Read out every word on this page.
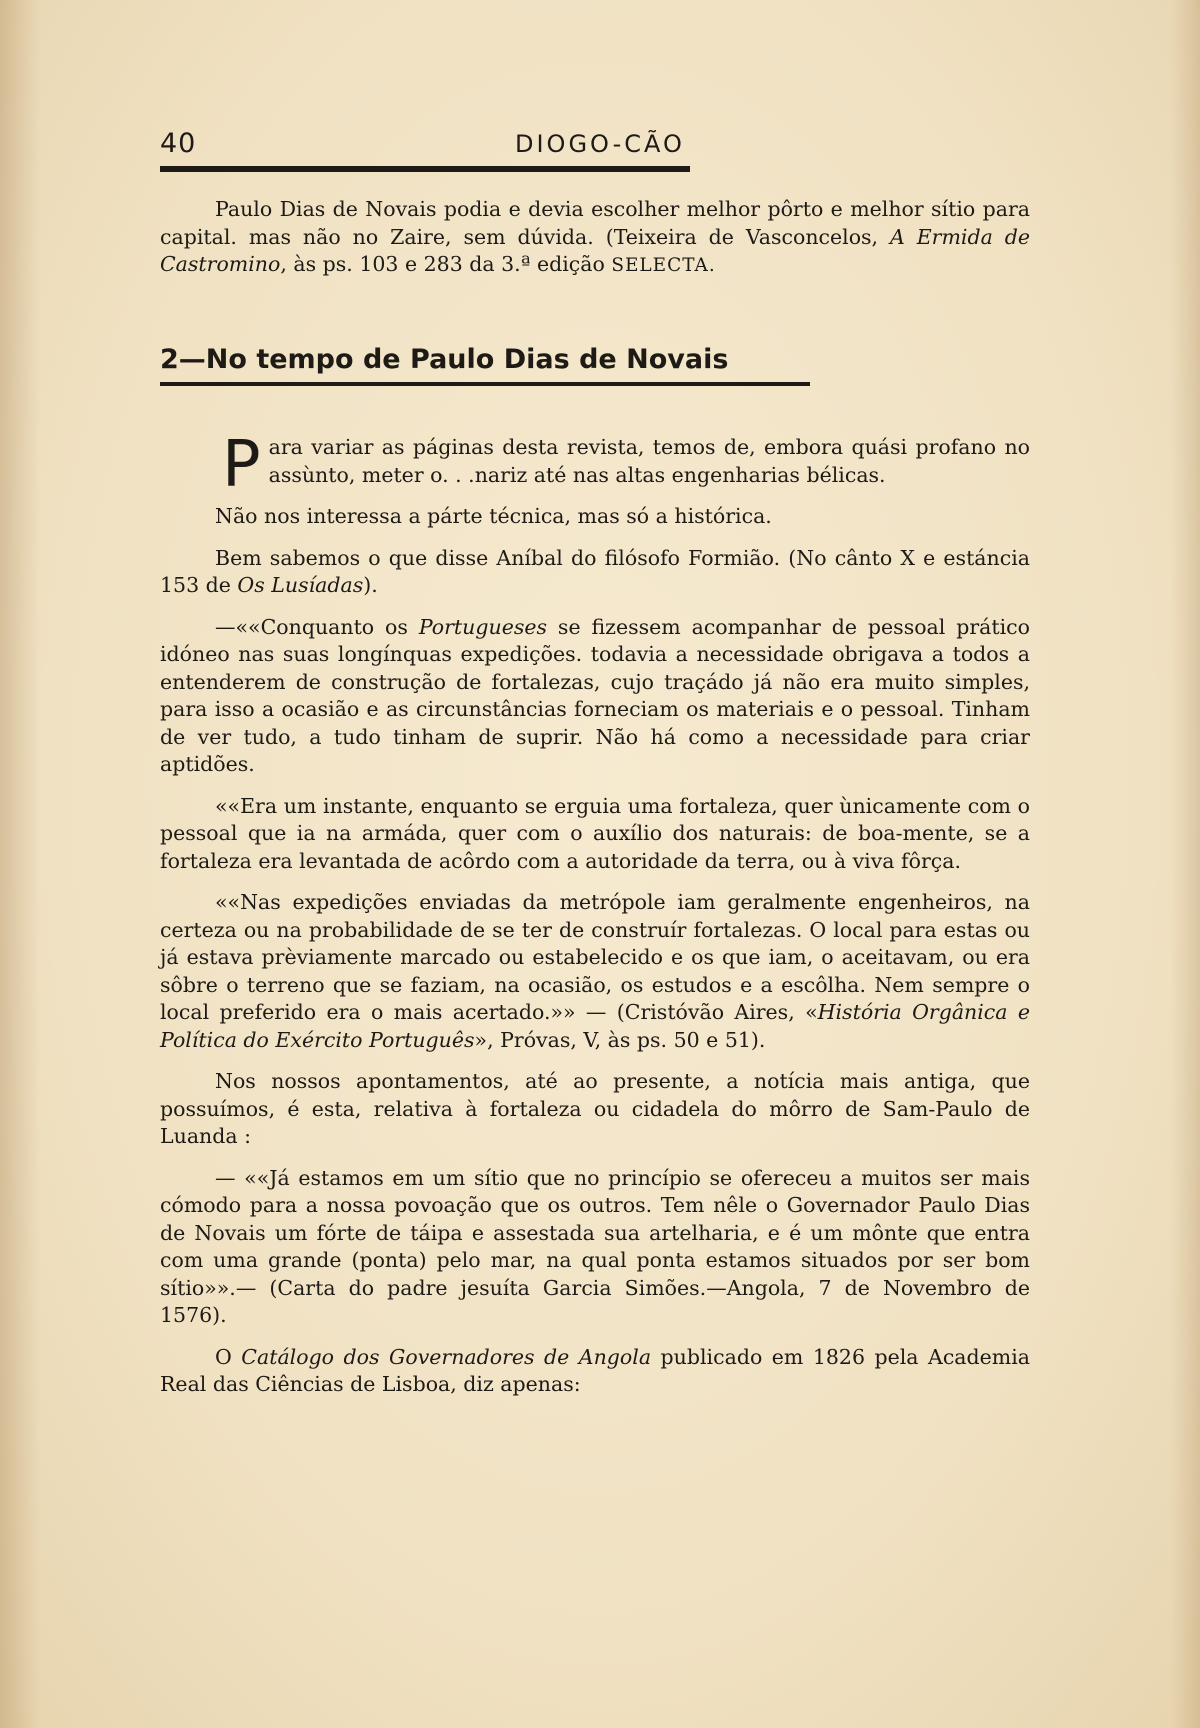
40	DIOGO-CÃO

Paulo Dias de Novais podia e devia escolher melhor pôrto e melhor sítio para capital. mas não no Zaire, sem dúvida. (Teixeira de Vasconcelos, A Ermida de Castromino, às ps. 103 e 283 da 3.ª edição SELECTA.

2—No tempo de Paulo Dias de Novais

Para variar as páginas desta revista, temos de, embora quási profano no assùnto, meter o. . .nariz até nas altas engenharias bélicas.

Não nos interessa a párte técnica, mas só a histórica.

Bem sabemos o que disse Aníbal do filósofo Formião. (No cânto X e estáncia 153 de Os Lusíadas).

—««Conquanto os Portugueses se fizessem acompanhar de pessoal prático idóneo nas suas longínquas expedições. todavia a necessidade obrigava a todos a entenderem de construção de fortalezas, cujo traçádo já não era muito simples, para isso a ocasião e as circunstâncias forneciam os materiais e o pessoal. Tinham de ver tudo, a tudo tinham de suprir. Não há como a necessidade para criar aptidões.

««Era um instante, enquanto se erguia uma fortaleza, quer ùnicamente com o pessoal que ia na armáda, quer com o auxílio dos naturais: de boa-mente, se a fortaleza era levantada de acôrdo com a autoridade da terra, ou à viva fôrça.

««Nas expedições enviadas da metrópole iam geralmente engenheiros, na certeza ou na probabilidade de se ter de construír fortalezas. O local para estas ou já estava prèviamente marcado ou estabelecido e os que iam, o aceitavam, ou era sôbre o terreno que se faziam, na ocasião, os estudos e a escôlha. Nem sempre o local preferido era o mais acertado.»» — (Cristóvão Aires, «História Orgânica e Política do Exército Português», Próvas, V, às ps. 50 e 51).

Nos nossos apontamentos, até ao presente, a notícia mais antiga, que possuímos, é esta, relativa à fortaleza ou cidadela do môrro de Sam-Paulo de Luanda :

— ««Já estamos em um sítio que no princípio se ofereceu a muitos ser mais cómodo para a nossa povoação que os outros. Tem nêle o Governador Paulo Dias de Novais um fórte de táipa e assestada sua artelharia, e é um mônte que entra com uma grande (ponta) pelo mar, na qual ponta estamos situados por ser bom sítio»».— (Carta do padre jesuíta Garcia Simões.—Angola, 7 de Novembro de 1576).

O Catálogo dos Governadores de Angola publicado em 1826 pela Academia Real das Ciências de Lisboa, diz apenas:
